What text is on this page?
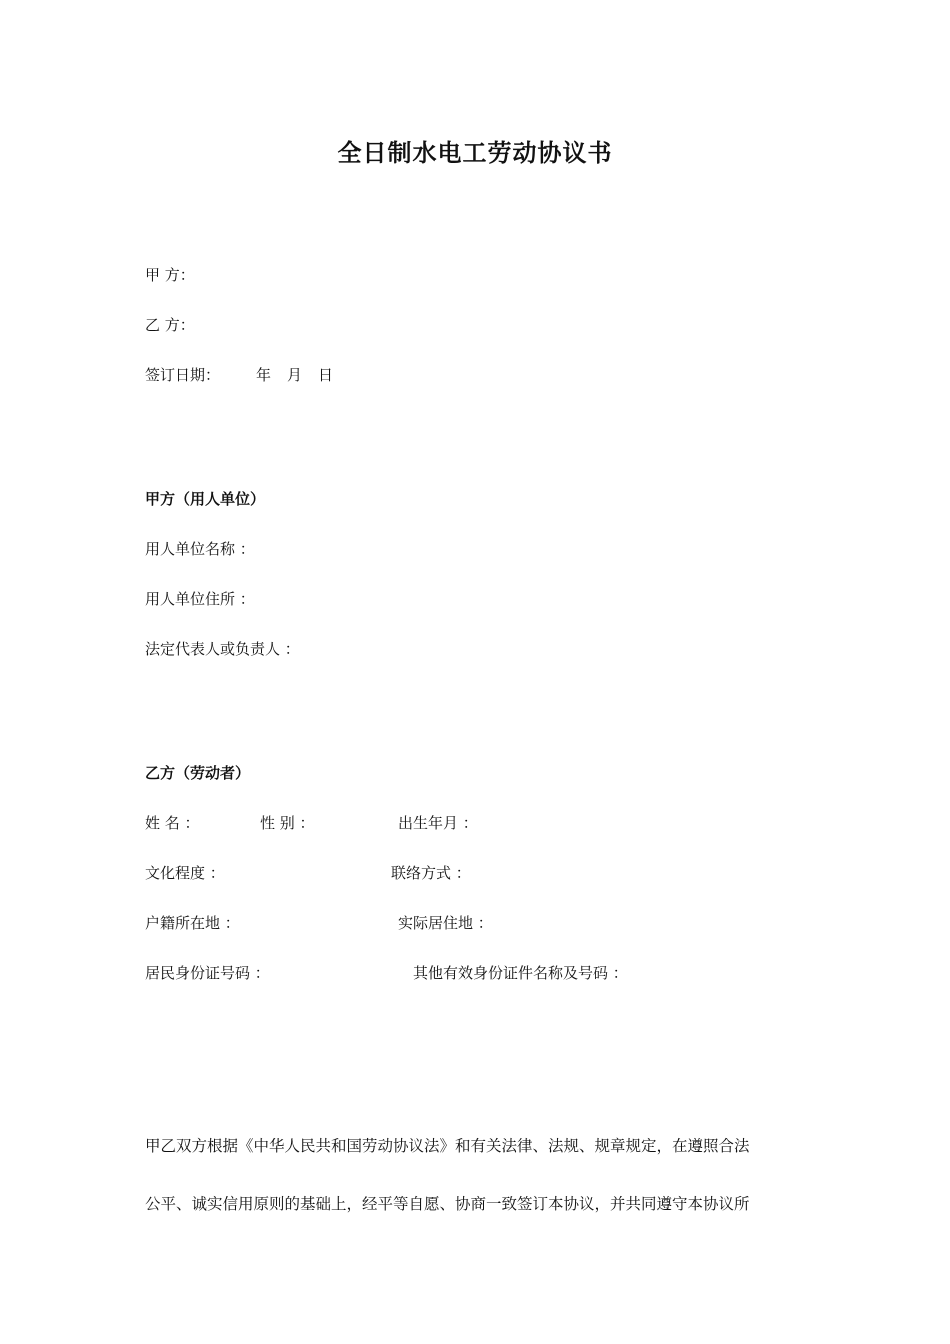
全日制水电工劳动协议书
甲 方：
乙 方：
签订日期： 年 月 日
甲方（用人单位）
用人单位名称 ：
用人单位住所 ：
法定代表人或负责人 ：
乙方（劳动者）
姓 名 ：	性 别 ：	出生年月 ：
文化程度 ：	联络方式 ：
户籍所在地 ：	实际居住地 ：
居民身份证号码 ：	其他有效身份证件名称及号码 ：
甲乙双方根据《中华人民共和国劳动协议法》和有关法律、法规、规章规定，在遵照合法
公平、诚实信用原则的基础上，经平等自愿、协商一致签订本协议，并共同遵守本协议所
